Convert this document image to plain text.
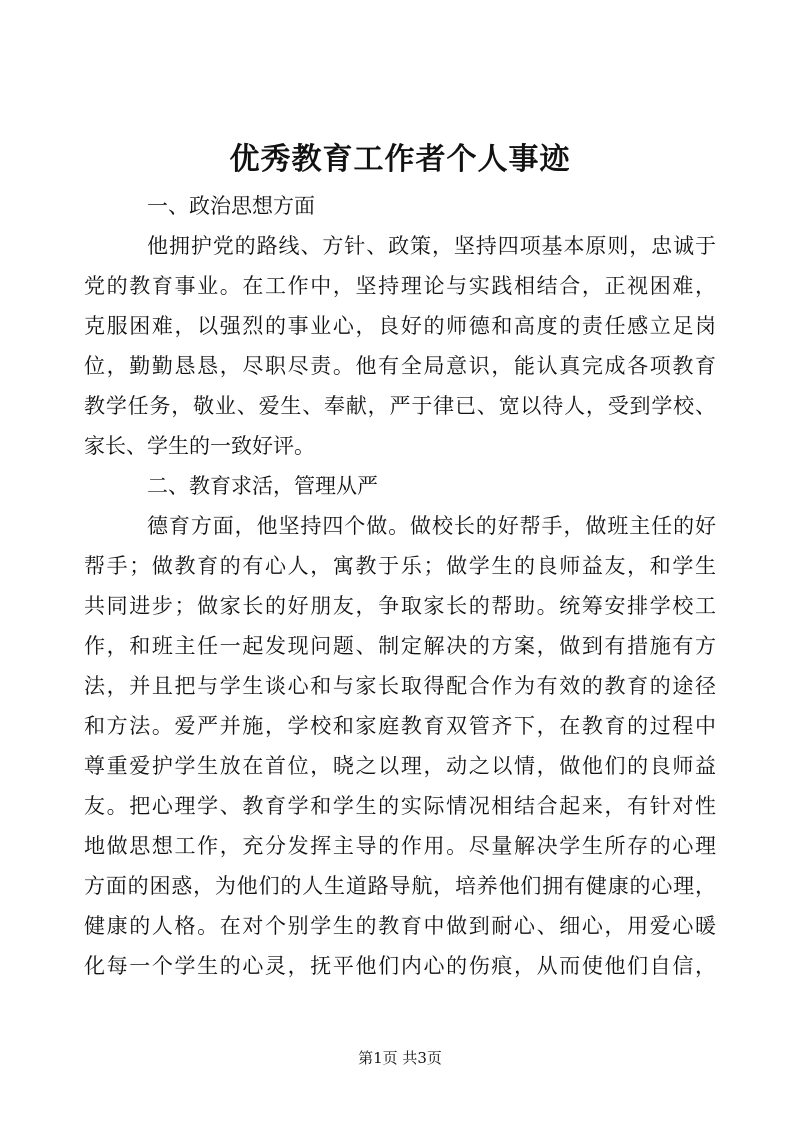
优秀教育工作者个人事迹
一、政治思想方面
他拥护党的路线、方针、政策，坚持四项基本原则，忠诚于
党的教育事业。在工作中，坚持理论与实践相结合，正视困难，
克服困难，以强烈的事业心，良好的师德和高度的责任感立足岗
位，勤勤恳恳，尽职尽责。他有全局意识，能认真完成各项教育
教学任务，敬业、爱生、奉献，严于律已、宽以待人，受到学校、
家长、学生的一致好评。
二、教育求活，管理从严
德育方面，他坚持四个做。做校长的好帮手，做班主任的好
帮手；做教育的有心人，寓教于乐；做学生的良师益友，和学生
共同进步；做家长的好朋友，争取家长的帮助。统筹安排学校工
作，和班主任一起发现问题、制定解决的方案，做到有措施有方
法，并且把与学生谈心和与家长取得配合作为有效的教育的途径
和方法。爱严并施，学校和家庭教育双管齐下，在教育的过程中
尊重爱护学生放在首位，晓之以理，动之以情，做他们的良师益
友。把心理学、教育学和学生的实际情况相结合起来，有针对性
地做思想工作，充分发挥主导的作用。尽量解决学生所存的心理
方面的困惑，为他们的人生道路导航，培养他们拥有健康的心理，
健康的人格。在对个别学生的教育中做到耐心、细心，用爱心暖
化每一个学生的心灵，抚平他们内心的伤痕，从而使他们自信，
第1页 共3页
